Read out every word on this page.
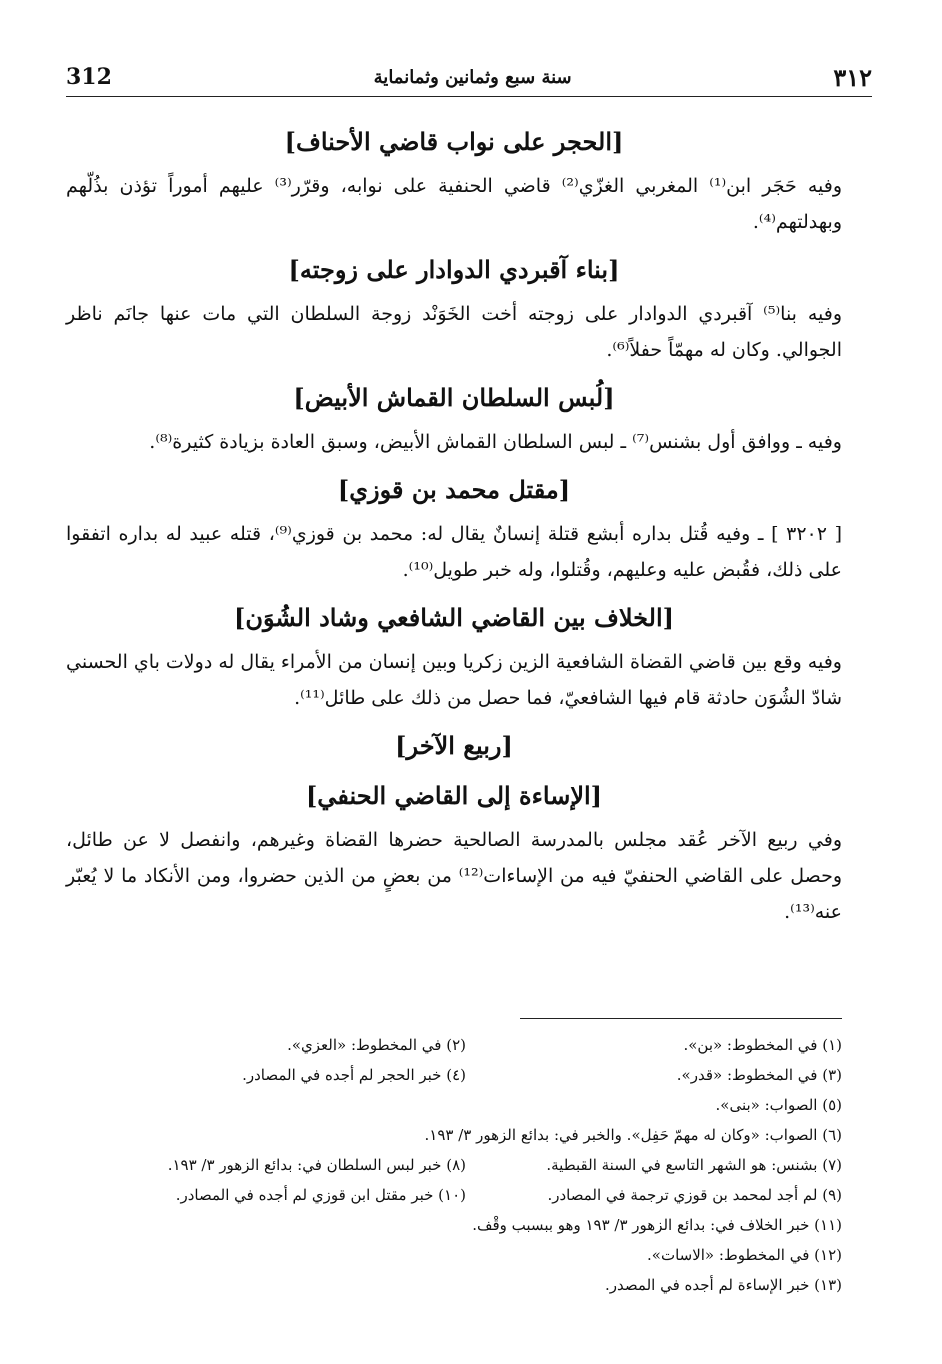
٣١٢
سنة سبع وثمانين وثمانماية
312
[الحجر على نواب قاضي الأحناف]

وفيه حَجَر ابن⁽¹⁾ المغربي الغزّي⁽²⁾ قاضي الحنفية على نوابه، وقرّر⁽³⁾ عليهم أموراً تؤذن بذُلّهم وبهدلتهم⁽⁴⁾.

[بناء آقبردي الدوادار على زوجته]

وفيه بنا⁽⁵⁾ آقبردي الدوادار على زوجته أخت الخَوَنْد زوجة السلطان التي مات عنها جانَم ناظر الجوالي. وكان له مهمّاً حفلاً⁽⁶⁾.

[لُبس السلطان القماش الأبيض]

وفيه ـ ووافق أول بشنس⁽⁷⁾ ـ لبس السلطان القماش الأبيض، وسبق العادة بزيادة كثيرة⁽⁸⁾.

[مقتل محمد بن قوزي]

[ ٣٢٠٢ ] ـ وفيه قُتل بداره أبشع قتلة إنسانٌ يقال له: محمد بن قوزي⁽⁹⁾، قتله عبيد له بداره اتفقوا على ذلك، فقُبض عليه وعليهم، وقُتلوا، وله خبر طويل⁽¹⁰⁾.

[الخلاف بين القاضي الشافعي وشاد الشُوَن]

وفيه وقع بين قاضي القضاة الشافعية الزين زكريا وبين إنسان من الأمراء يقال له دولات باي الحسني شادّ الشُوَن حادثة قام فيها الشافعيّ، فما حصل من ذلك على طائل⁽¹¹⁾.

[ربيع الآخر]
[الإساءة إلى القاضي الحنفي]

وفي ربيع الآخر عُقد مجلس بالمدرسة الصالحية حضرها القضاة وغيرهم، وانفصل لا عن طائل، وحصل على القاضي الحنفيّ فيه من الإساءات⁽¹²⁾ من بعضٍ من الذين حضروا، ومن الأنكاد ما لا يُعبّر عنه⁽¹³⁾.

(١) في المخطوط: «بن».
(٢) في المخطوط: «العزي».
(٣) في المخطوط: «قدر».
(٤) خبر الحجر لم أجده في المصادر.
(٥) الصواب: «بنى».
(٦) الصواب: «وكان له مهمّ حَفِل». والخبر في: بدائع الزهور ٣/ ١٩٣.
(٧) بشنس: هو الشهر التاسع في السنة القبطية.
(٨) خبر لبس السلطان في: بدائع الزهور ٣/ ١٩٣.
(٩) لم أجد لمحمد بن قوزي ترجمة في المصادر.
(١٠) خبر مقتل ابن قوزي لم أجده في المصادر.
(١١) خبر الخلاف في: بدائع الزهور ٣/ ١٩٣ وهو ببسبب وقْف.
(١٢) في المخطوط: «الاسات».
(١٣) خبر الإساءة لم أجده في المصدر.
